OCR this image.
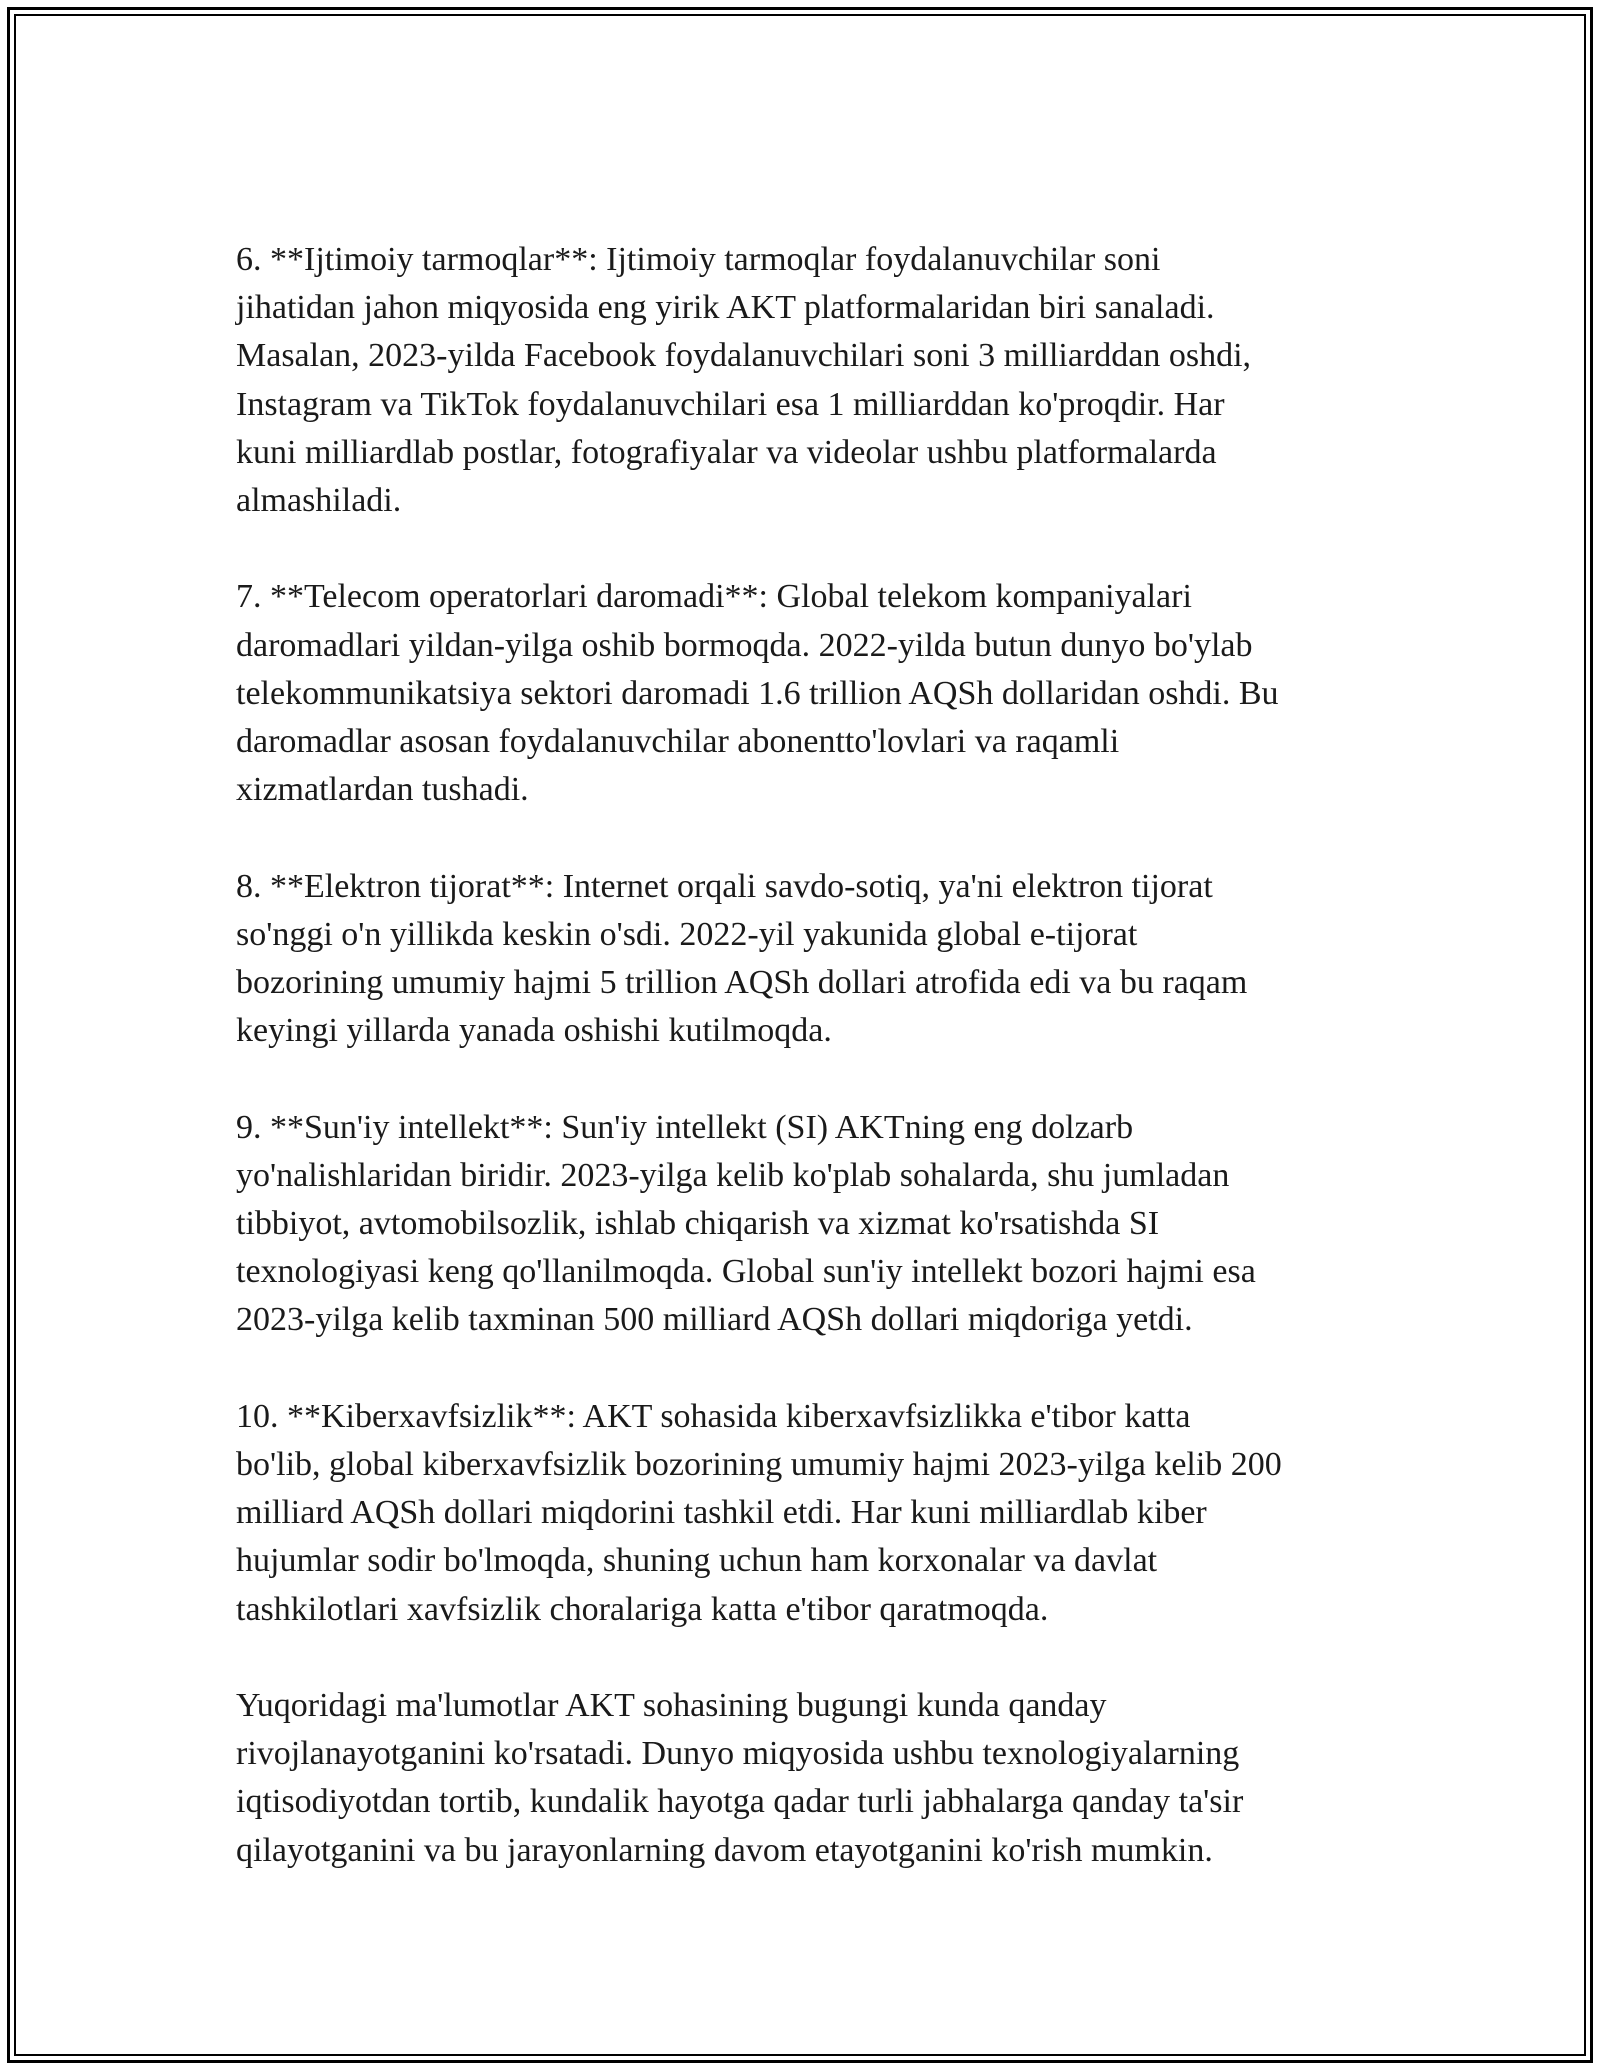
6. **Ijtimoiy tarmoqlar**: Ijtimoiy tarmoqlar foydalanuvchilar soni
jihatidan jahon miqyosida eng yirik AKT platformalaridan biri sanaladi.
Masalan, 2023-yilda Facebook foydalanuvchilari soni 3 milliarddan oshdi,
Instagram va TikTok foydalanuvchilari esa 1 milliarddan ko'proqdir. Har
kuni milliardlab postlar, fotografiyalar va videolar ushbu platformalarda
almashiladi.

7. **Telecom operatorlari daromadi**: Global telekom kompaniyalari
daromadlari yildan-yilga oshib bormoqda. 2022-yilda butun dunyo bo'ylab
telekommunikatsiya sektori daromadi 1.6 trillion AQSh dollaridan oshdi. Bu
daromadlar asosan foydalanuvchilar abonentto'lovlari va raqamli
xizmatlardan tushadi.

8. **Elektron tijorat**: Internet orqali savdo-sotiq, ya'ni elektron tijorat
so'nggi o'n yillikda keskin o'sdi. 2022-yil yakunida global e-tijorat
bozorining umumiy hajmi 5 trillion AQSh dollari atrofida edi va bu raqam
keyingi yillarda yanada oshishi kutilmoqda.

9. **Sun'iy intellekt**: Sun'iy intellekt (SI) AKTning eng dolzarb
yo'nalishlaridan biridir. 2023-yilga kelib ko'plab sohalarda, shu jumladan
tibbiyot, avtomobilsozlik, ishlab chiqarish va xizmat ko'rsatishda SI
texnologiyasi keng qo'llanilmoqda. Global sun'iy intellekt bozori hajmi esa
2023-yilga kelib taxminan 500 milliard AQSh dollari miqdoriga yetdi.

10. **Kiberxavfsizlik**: AKT sohasida kiberxavfsizlikka e'tibor katta
bo'lib, global kiberxavfsizlik bozorining umumiy hajmi 2023-yilga kelib 200
milliard AQSh dollari miqdorini tashkil etdi. Har kuni milliardlab kiber
hujumlar sodir bo'lmoqda, shuning uchun ham korxonalar va davlat
tashkilotlari xavfsizlik choralariga katta e'tibor qaratmoqda.

Yuqoridagi ma'lumotlar AKT sohasining bugungi kunda qanday
rivojlanayotganini ko'rsatadi. Dunyo miqyosida ushbu texnologiyalarning
iqtisodiyotdan tortib, kundalik hayotga qadar turli jabhalarga qanday ta'sir
qilayotganini va bu jarayonlarning davom etayotganini ko'rish mumkin.
